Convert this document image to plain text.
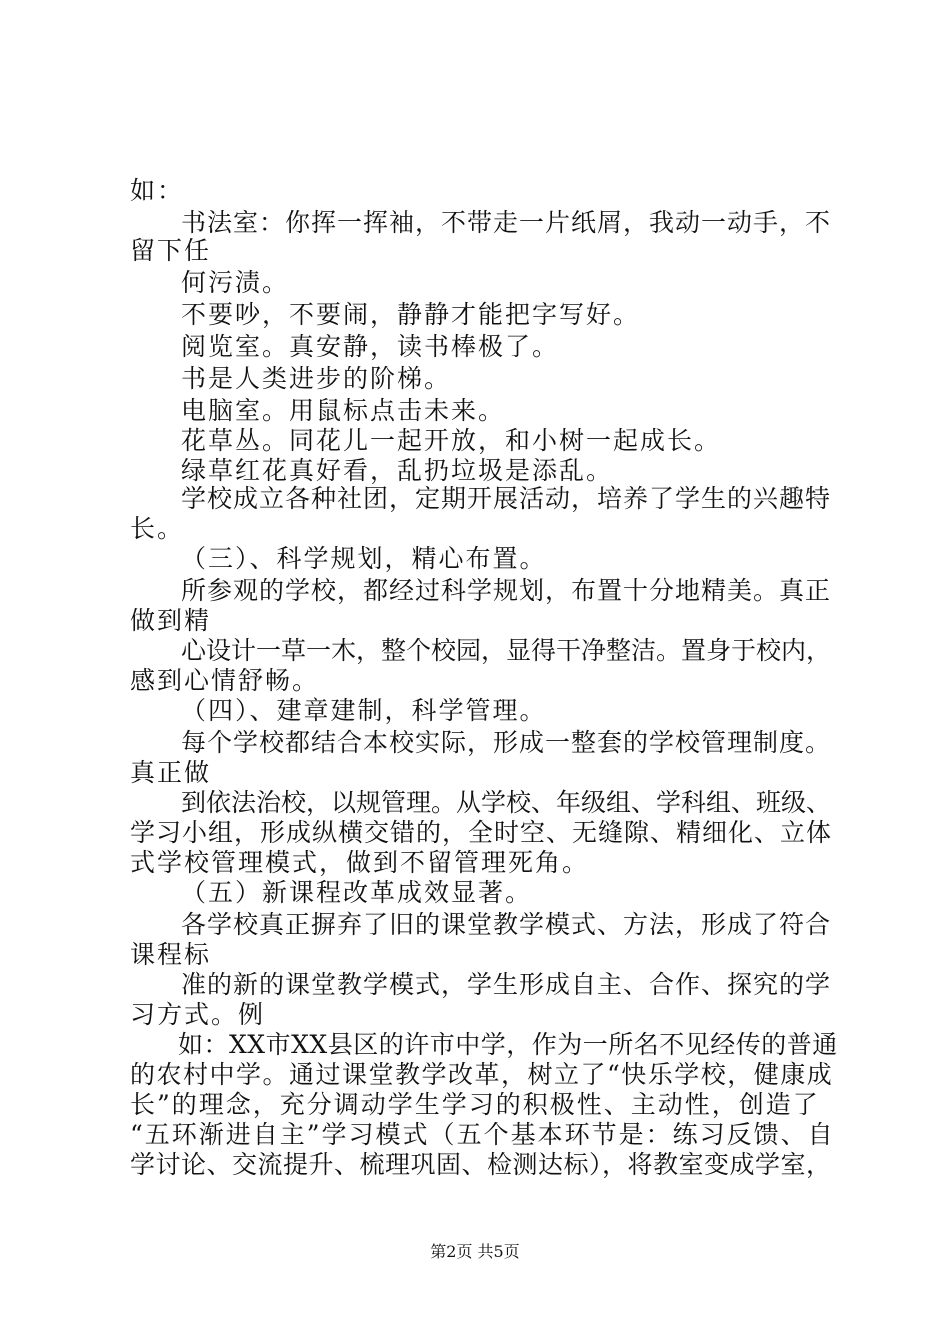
如：
书法室：你挥一挥袖，不带走一片纸屑，我动一动手，不
留下任
何污渍。
不要吵，不要闹，静静才能把字写好。
阅览室。真安静，读书棒极了。
书是人类进步的阶梯。
电脑室。用鼠标点击未来。
花草丛。同花儿一起开放，和小树一起成长。
绿草红花真好看，乱扔垃圾是添乱。
学校成立各种社团，定期开展活动，培养了学生的兴趣特
长。
（三）、科学规划，精心布置。
所参观的学校，都经过科学规划，布置十分地精美。真正
做到精
心设计一草一木，整个校园，显得干净整洁。置身于校内，
感到心情舒畅。
（四）、建章建制，科学管理。
每个学校都结合本校实际，形成一整套的学校管理制度。
真正做
到依法治校，以规管理。从学校、年级组、学科组、班级、
学习小组，形成纵横交错的，全时空、无缝隙、精细化、立体
式学校管理模式，做到不留管理死角。
（五）新课程改革成效显著。
各学校真正摒弃了旧的课堂教学模式、方法，形成了符合
课程标
准的新的课堂教学模式，学生形成自主、合作、探究的学
习方式。例
如：XX市XX县区的许市中学，作为一所名不见经传的普通
的农村中学。通过课堂教学改革，树立了“快乐学校，健康成
长”的理念，充分调动学生学习的积极性、主动性，创造了
“五环渐进自主”学习模式（五个基本环节是：练习反馈、自
学讨论、交流提升、梳理巩固、检测达标），将教室变成学室，
第2页 共5页
